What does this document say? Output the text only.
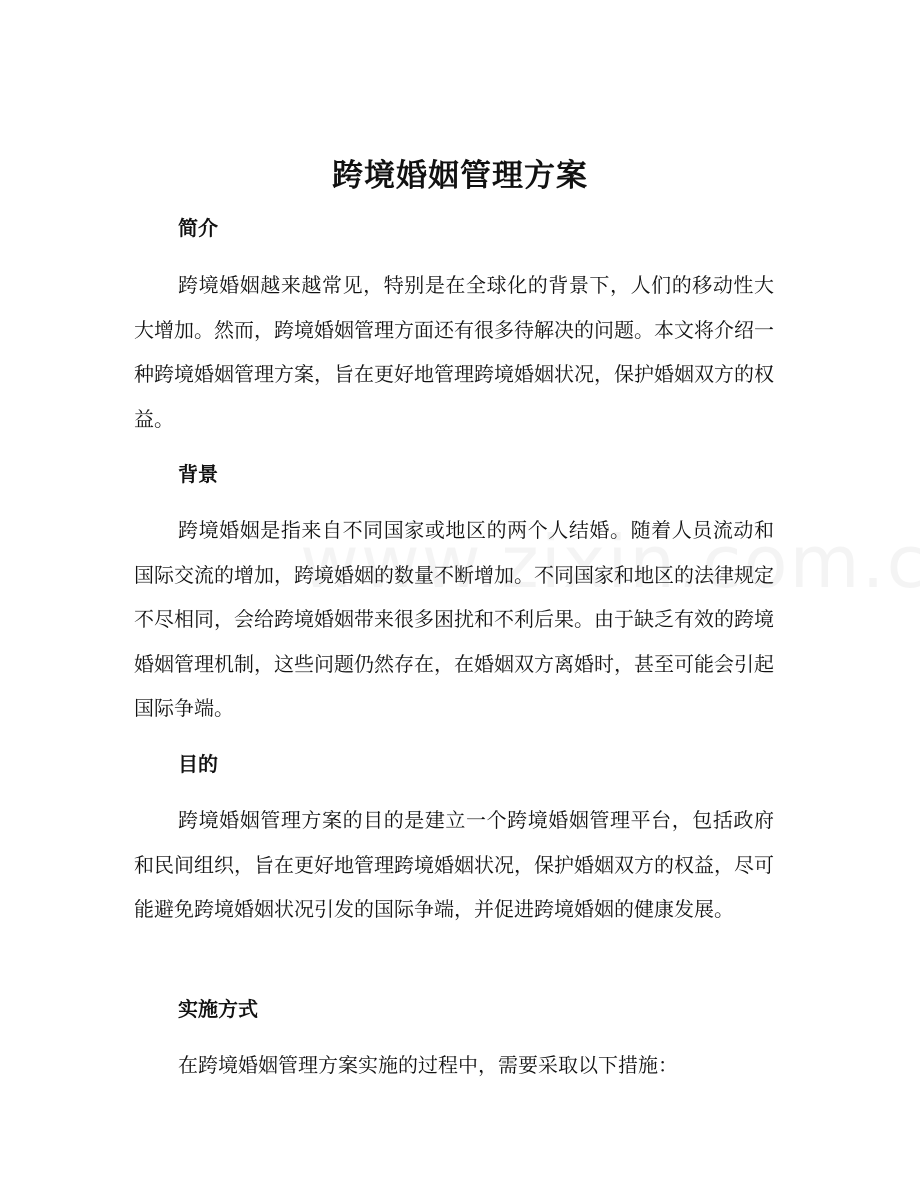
跨境婚姻管理方案
简介
跨境婚姻越来越常见，特别是在全球化的背景下，人们的移动性大大增加。然而，跨境婚姻管理方面还有很多待解决的问题。本文将介绍一种跨境婚姻管理方案，旨在更好地管理跨境婚姻状况，保护婚姻双方的权益。
背景
跨境婚姻是指来自不同国家或地区的两个人结婚。随着人员流动和国际交流的增加，跨境婚姻的数量不断增加。不同国家和地区的法律规定不尽相同，会给跨境婚姻带来很多困扰和不利后果。由于缺乏有效的跨境婚姻管理机制，这些问题仍然存在，在婚姻双方离婚时，甚至可能会引起国际争端。
目的
跨境婚姻管理方案的目的是建立一个跨境婚姻管理平台，包括政府和民间组织，旨在更好地管理跨境婚姻状况，保护婚姻双方的权益，尽可能避免跨境婚姻状况引发的国际争端，并促进跨境婚姻的健康发展。
实施方式
在跨境婚姻管理方案实施的过程中，需要采取以下措施：
